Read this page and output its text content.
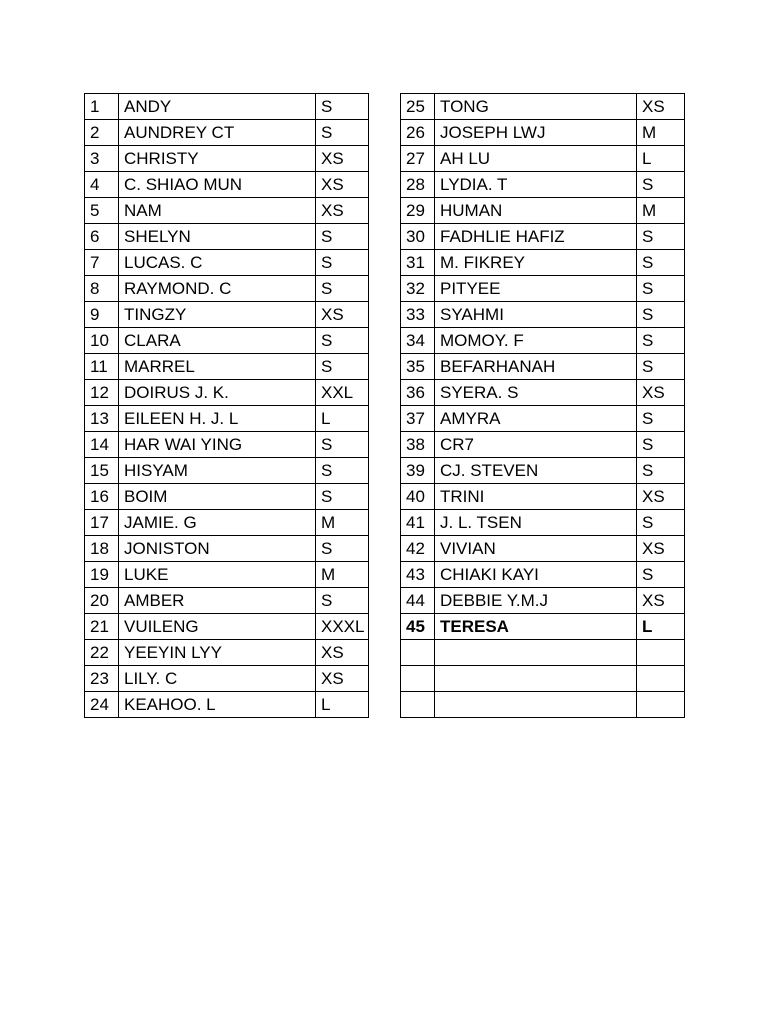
1	ANDY	S
2	AUNDREY CT	S
3	CHRISTY	XS
4	C. SHIAO MUN	XS
5	NAM	XS
6	SHELYN	S
7	LUCAS. C	S
8	RAYMOND. C	S
9	TINGZY	XS
10	CLARA	S
11	MARREL	S
12	DOIRUS J. K.	XXL
13	EILEEN H. J. L	L
14	HAR WAI YING	S
15	HISYAM	S
16	BOIM	S
17	JAMIE. G	M
18	JONISTON	S
19	LUKE	M
20	AMBER	S
21	VUILENG	XXXL
22	YEEYIN LYY	XS
23	LILY. C	XS
24	KEAHOO. L	L
25	TONG	XS
26	JOSEPH LWJ	M
27	AH LU	L
28	LYDIA. T	S
29	HUMAN	M
30	FADHLIE HAFIZ	S
31	M. FIKREY	S
32	PITYEE	S
33	SYAHMI	S
34	MOMOY. F	S
35	BEFARHANAH	S
36	SYERA. S	XS
37	AMYRA	S
38	CR7	S
39	CJ. STEVEN	S
40	TRINI	XS
41	J. L. TSEN	S
42	VIVIAN	XS
43	CHIAKI KAYI	S
44	DEBBIE Y.M.J	XS
45	TERESA	L
